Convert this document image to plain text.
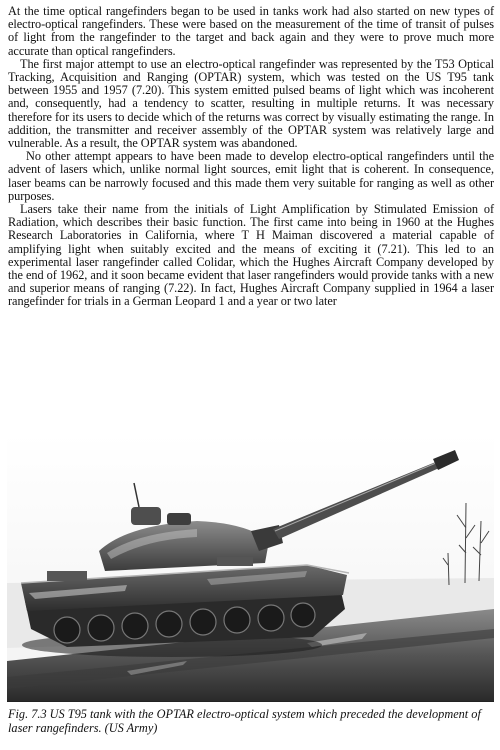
At the time optical rangefinders began to be used in tanks work had also started on new types of electro-optical rangefinders. These were based on the measurement of the time of transit of pulses of light from the rangefinder to the target and back again and they were to prove much more accurate than optical rangefinders.

The first major attempt to use an electro-optical rangefinder was represented by the T53 Optical Tracking, Acquisition and Ranging (OPTAR) system, which was tested on the US T95 tank between 1955 and 1957 (7.20). This system emitted pulsed beams of light which was incoherent and, consequently, had a tendency to scatter, resulting in multiple returns. It was necessary therefore for its users to decide which of the returns was correct by visually estimating the range. In addition, the transmitter and receiver assembly of the OPTAR system was relatively large and vulnerable. As a result, the OPTAR system was abandoned.

No other attempt appears to have been made to develop electro-optical rangefinders until the advent of lasers which, unlike normal light sources, emit light that is coherent. In consequence, laser beams can be narrowly focused and this made them very suitable for ranging as well as other purposes.

Lasers take their name from the initials of Light Amplification by Stimulated Emission of Radiation, which describes their basic function. The first came into being in 1960 at the Hughes Research Laboratories in California, where T H Maiman discovered a material capable of amplifying light when suitably excited and the means of exciting it (7.21). This led to an experimental laser rangefinder called Colidar, which the Hughes Aircraft Company developed by the end of 1962, and it soon became evident that laser rangefinders would provide tanks with a new and superior means of ranging (7.22). In fact, Hughes Aircraft Company supplied in 1964 a laser rangefinder for trials in a German Leopard 1 and a year or two later

Fig. 7.3 US T95 tank with the OPTAR electro-optical system which preceded the development of laser rangefinders. (US Army)
